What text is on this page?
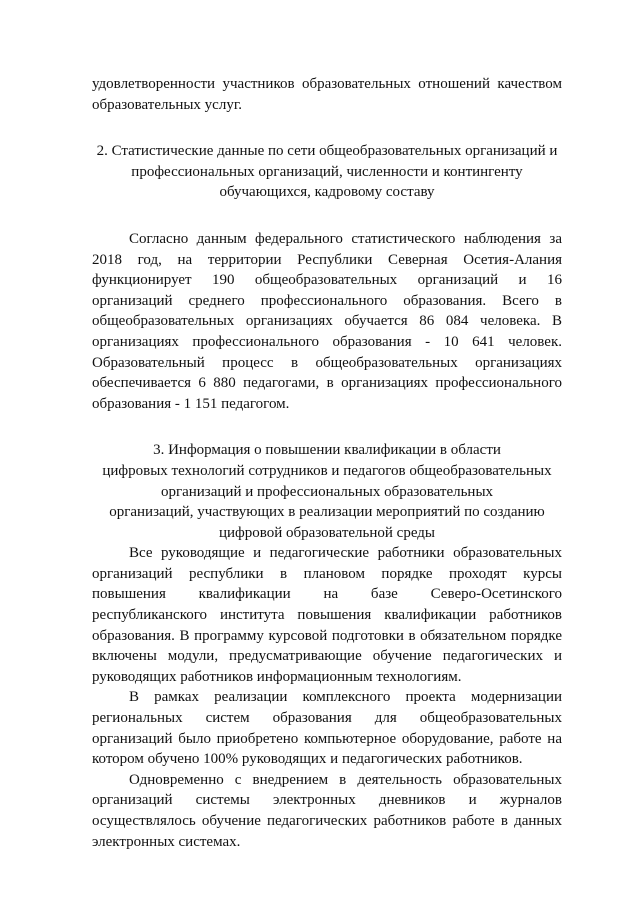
удовлетворенности участников образовательных отношений качеством образовательных услуг.

2. Статистические данные по сети общеобразовательных организаций и
профессиональных организаций, численности и контингенту
обучающихся, кадровому составу

Согласно данным федерального статистического наблюдения за 2018 год, на территории Республики Северная Осетия-Алания функционирует 190 общеобразовательных организаций и 16 организаций среднего профессионального образования. Всего в общеобразовательных организациях обучается 86 084 человека. В организациях профессионального образования - 10 641 человек. Образовательный процесс в общеобразовательных организациях обеспечивается 6 880 педагогами, в организациях профессионального образования - 1 151 педагогом.

3. Информация о повышении квалификации в области
цифровых технологий сотрудников и педагогов общеобразовательных
организаций и профессиональных образовательных
организаций, участвующих в реализации мероприятий по созданию
цифровой образовательной среды

Все руководящие и педагогические работники образовательных организаций республики в плановом порядке проходят курсы повышения квалификации на базе Северо-Осетинского республиканского института повышения квалификации работников образования. В программу курсовой подготовки в обязательном порядке включены модули, предусматривающие обучение педагогических и руководящих работников информационным технологиям.

В рамках реализации комплексного проекта модернизации региональных систем образования для общеобразовательных организаций было приобретено компьютерное оборудование, работе на котором обучено 100% руководящих и педагогических работников.

Одновременно с внедрением в деятельность образовательных организаций системы электронных дневников и журналов осуществлялось обучение педагогических работников работе в данных электронных системах.
